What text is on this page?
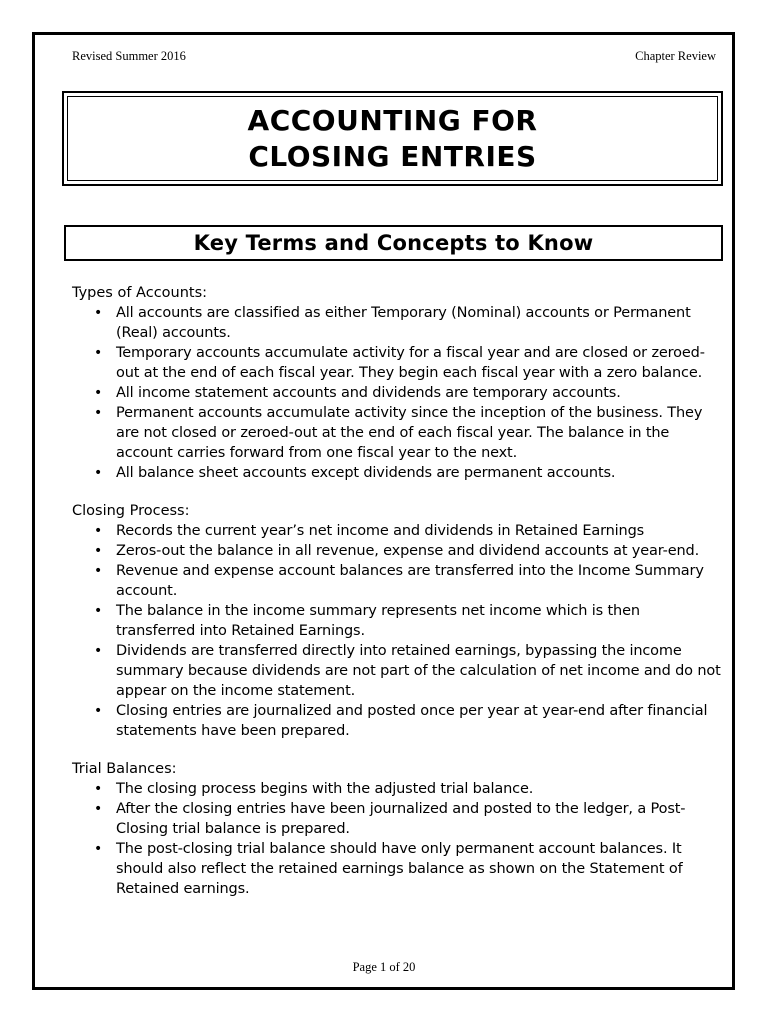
Revised Summer 2016	Chapter Review
ACCOUNTING FOR
CLOSING ENTRIES
Key Terms and Concepts to Know
Types of Accounts:
• All accounts are classified as either Temporary (Nominal) accounts or Permanent (Real) accounts.
• Temporary accounts accumulate activity for a fiscal year and are closed or zeroed-out at the end of each fiscal year. They begin each fiscal year with a zero balance.
• All income statement accounts and dividends are temporary accounts.
• Permanent accounts accumulate activity since the inception of the business. They are not closed or zeroed-out at the end of each fiscal year. The balance in the account carries forward from one fiscal year to the next.
• All balance sheet accounts except dividends are permanent accounts.
Closing Process:
• Records the current year’s net income and dividends in Retained Earnings
• Zeros-out the balance in all revenue, expense and dividend accounts at year-end.
• Revenue and expense account balances are transferred into the Income Summary account.
• The balance in the income summary represents net income which is then transferred into Retained Earnings.
• Dividends are transferred directly into retained earnings, bypassing the income summary because dividends are not part of the calculation of net income and do not appear on the income statement.
• Closing entries are journalized and posted once per year at year-end after financial statements have been prepared.
Trial Balances:
• The closing process begins with the adjusted trial balance.
• After the closing entries have been journalized and posted to the ledger, a Post-Closing trial balance is prepared.
• The post-closing trial balance should have only permanent account balances. It should also reflect the retained earnings balance as shown on the Statement of Retained earnings.
Page 1 of 20
